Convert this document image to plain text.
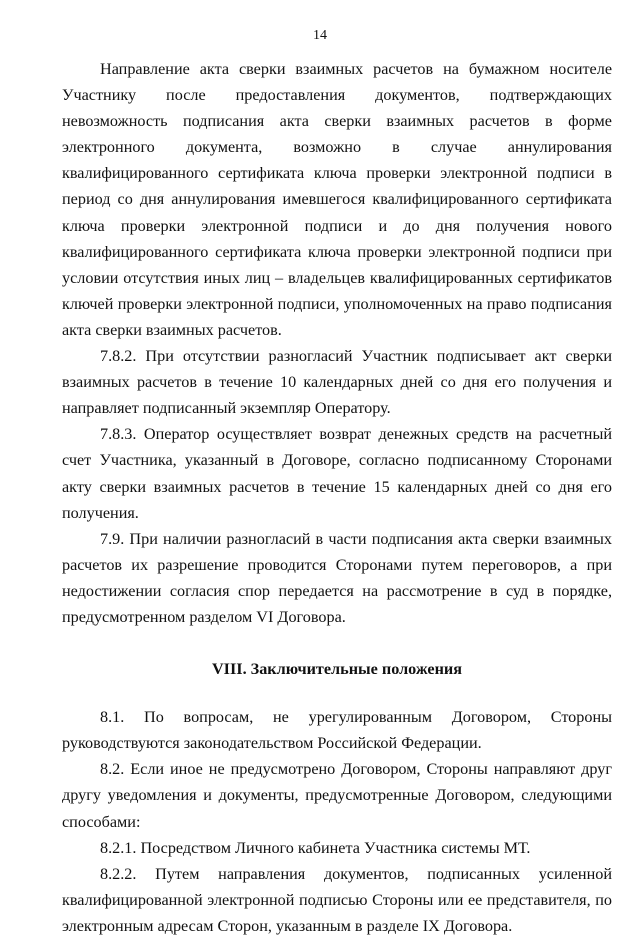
14

Направление акта сверки взаимных расчетов на бумажном носителе Участнику после предоставления документов, подтверждающих невозможность подписания акта сверки взаимных расчетов в форме электронного документа, возможно в случае аннулирования квалифицированного сертификата ключа проверки электронной подписи в период со дня аннулирования имевшегося квалифицированного сертификата ключа проверки электронной подписи и до дня получения нового квалифицированного сертификата ключа проверки электронной подписи при условии отсутствия иных лиц – владельцев квалифицированных сертификатов ключей проверки электронной подписи, уполномоченных на право подписания акта сверки взаимных расчетов.

7.8.2. При отсутствии разногласий Участник подписывает акт сверки взаимных расчетов в течение 10 календарных дней со дня его получения и направляет подписанный экземпляр Оператору.

7.8.3. Оператор осуществляет возврат денежных средств на расчетный счет Участника, указанный в Договоре, согласно подписанному Сторонами акту сверки взаимных расчетов в течение 15 календарных дней со дня его получения.

7.9. При наличии разногласий в части подписания акта сверки взаимных расчетов их разрешение проводится Сторонами путем переговоров, а при недостижении согласия спор передается на рассмотрение в суд в порядке, предусмотренном разделом VI Договора.

VIII. Заключительные положения

8.1. По вопросам, не урегулированным Договором, Стороны руководствуются законодательством Российской Федерации.

8.2. Если иное не предусмотрено Договором, Стороны направляют друг другу уведомления и документы, предусмотренные Договором, следующими способами:

8.2.1. Посредством Личного кабинета Участника системы МТ.

8.2.2. Путем направления документов, подписанных усиленной квалифицированной электронной подписью Стороны или ее представителя, по электронным адресам Сторон, указанным в разделе IX Договора.
